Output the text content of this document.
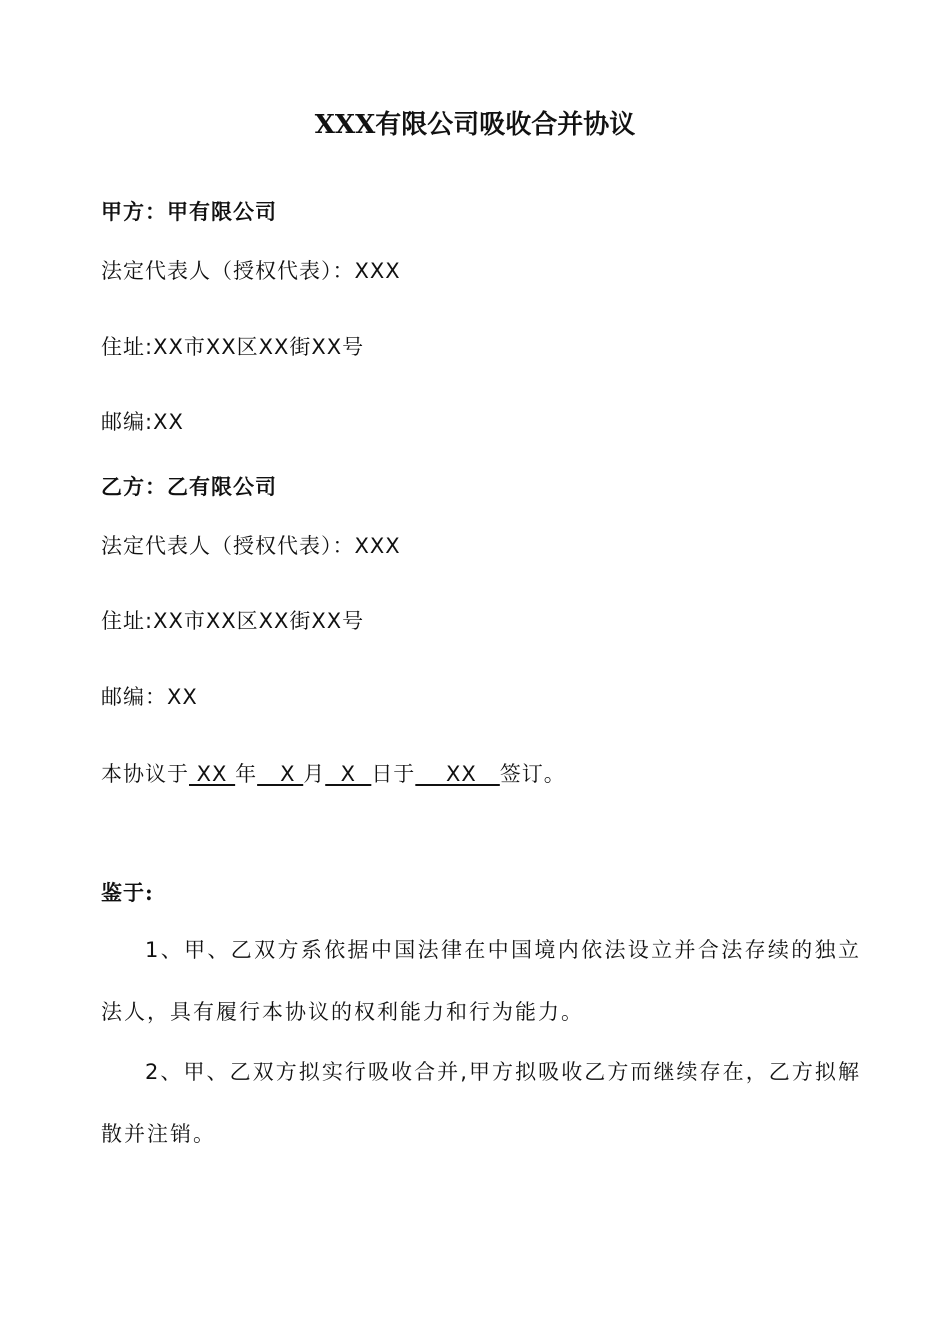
XXX有限公司吸收合并协议
甲方：甲有限公司
法定代表人（授权代表）：XXX
住址:XX市XX区XX街XX号
邮编:XX
乙方：乙有限公司
法定代表人（授权代表）：XXX
住址:XX市XX区XX街XX号
邮编：XX
本协议于 XX 年   X 月  X  日于    XX   签订。
鉴于:
1、甲、乙双方系依据中国法律在中国境内依法设立并合法存续的独立法人，具有履行本协议的权利能力和行为能力。
2、甲、乙双方拟实行吸收合并,甲方拟吸收乙方而继续存在，乙方拟解散并注销。
